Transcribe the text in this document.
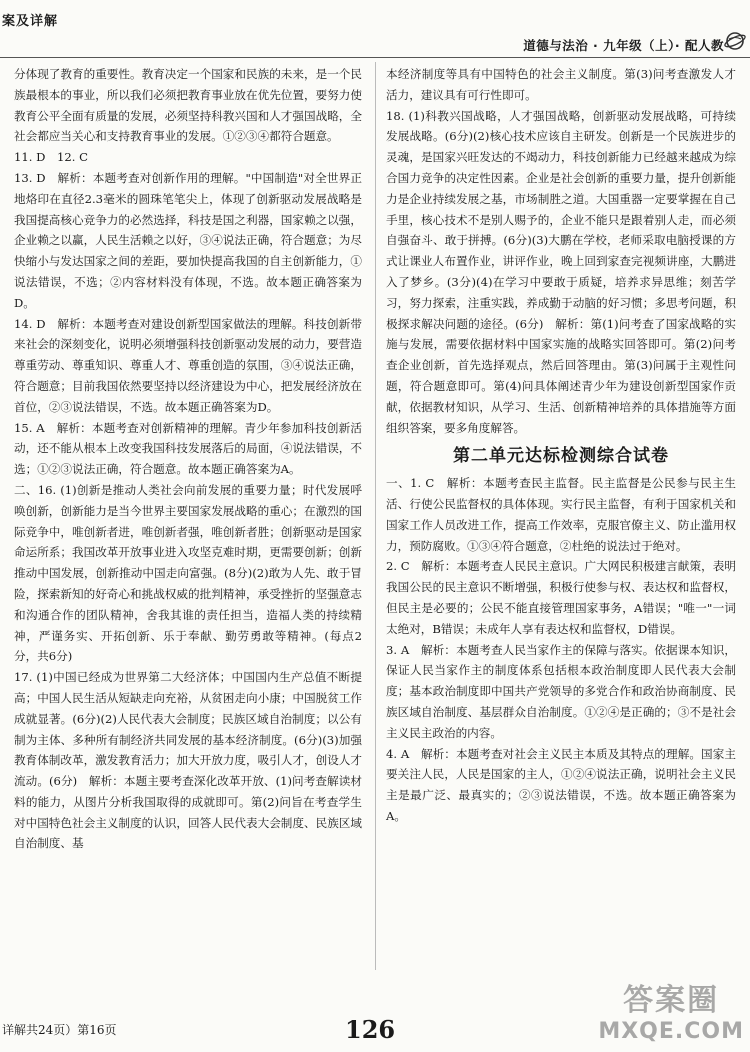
案及详解
道德与法治 · 九年级（上）· 配人教

分体现了教育的重要性。教育决定一个国家和民族的未来，是一个民族最根本的事业，所以我们必须把教育事业放在优先位置，要努力使教育公平全面有质量的发展，必须坚持科教兴国和人才强国战略，全社会都应当关心和支持教育事业的发展。①②③④都符合题意。

11. D　12. C

13. D　解析：本题考查对创新作用的理解。"中国制造"对全世界正地烙印在直径2.3毫米的圆珠笔笔尖上，体现了创新驱动发展战略是我国提高核心竞争力的必然选择，科技是国之利器，国家赖之以强，企业赖之以赢，人民生活赖之以好，③④说法正确，符合题意；为尽快缩小与发达国家之间的差距，要加快提高我国的自主创新能力，①说法错误，不选；②内容材料没有体现，不选。故本题正确答案为D。

14. D　解析：本题考查对建设创新型国家做法的理解。科技创新带来社会的深刻变化，说明必须增强科技创新驱动发展的动力，要营造尊重劳动、尊重知识、尊重人才、尊重创造的氛围，③④说法正确，符合题意；目前我国依然要坚持以经济建设为中心，把发展经济放在首位，②③说法错误，不选。故本题正确答案为D。

15. A　解析：本题考查对创新精神的理解。青少年参加科技创新活动，还不能从根本上改变我国科技发展落后的局面，④说法错误，不选；①②③说法正确，符合题意。故本题正确答案为A。

二、16. (1)创新是推动人类社会向前发展的重要力量；时代发展呼唤创新，创新能力是当今世界主要国家发展战略的重心；在激烈的国际竞争中，唯创新者进，唯创新者强，唯创新者胜；创新驱动是国家命运所系；我国改革开放事业进入攻坚克难时期，更需要创新；创新推动中国发展，创新推动中国走向富强。(8分)(2)敢为人先、敢于冒险，探索新知的好奇心和挑战权威的批判精神，承受挫折的坚强意志和沟通合作的团队精神，舍我其谁的责任担当，造福人类的持续精神，严谨务实、开拓创新、乐于奉献、勤劳勇敢等精神。(每点2分，共6分)

17. (1)中国已经成为世界第二大经济体；中国国内生产总值不断提高；中国人民生活从短缺走向充裕，从贫困走向小康；中国脱贫工作成就显著。(6分)(2)人民代表大会制度；民族区域自治制度；以公有制为主体、多种所有制经济共同发展的基本经济制度。(6分)(3)加强教育体制改革，激发教育活力；加大开放力度，吸引人才，创设人才流动。(6分)　解析：本题主要考查深化改革开放、(1)问考查解读材料的能力，从图片分析我国取得的成就即可。第(2)问旨在考查学生对中国特色社会主义制度的认识，回答人民代表大会制度、民族区域自治制度、基

本经济制度等具有中国特色的社会主义制度。第(3)问考查激发人才活力，建议具有可行性即可。

18. (1)科教兴国战略，人才强国战略，创新驱动发展战略，可持续发展战略。(6分)(2)核心技术应该自主研发。创新是一个民族进步的灵魂，是国家兴旺发达的不竭动力，科技创新能力已经越来越成为综合国力竞争的决定性因素。企业是社会创新的重要力量，提升创新能力是企业持续发展之基，市场制胜之道。大国重器一定要掌握在自己手里，核心技术不是别人赐予的，企业不能只是跟着别人走，而必须自强奋斗、敢于拼搏。(6分)(3)大鹏在学校，老师采取电脑授课的方式让课业人布置作业，讲评作业，晚上回到家查完视频讲座，大鹏进入了梦乡。(3分)(4)在学习中要敢于质疑，培养求异思维；刻苦学习，努力探索，注重实践，养成勤于动脑的好习惯；多思考问题，积极探求解决问题的途径。(6分)　解析：第(1)问考查了国家战略的实施与发展，需要依据材料中国家实施的战略实回答即可。第(2)问考查企业创新，首先选择观点，然后回答理由。第(3)问属于主观性问题，符合题意即可。第(4)问具体阐述青少年为建设创新型国家作贡献，依据教材知识，从学习、生活、创新精神培养的具体措施等方面组织答案，要多角度解答。

第二单元达标检测综合试卷

一、1. C　解析：本题考查民主监督。民主监督是公民参与民主生活、行使公民监督权的具体体现。实行民主监督，有利于国家机关和国家工作人员改进工作，提高工作效率，克服官僚主义、防止滥用权力，预防腐败。①③④符合题意，②杜绝的说法过于绝对。

2. C　解析：本题考查人民民主意识。广大网民积极建言献策，表明我国公民的民主意识不断增强，积极行使参与权、表达权和监督权，但民主是必要的；公民不能直接管理国家事务，A错误；"唯一"一词太绝对，B错误；未成年人享有表达权和监督权，D错误。

3. A　解析：本题考查人民当家作主的保障与落实。依据课本知识，保证人民当家作主的制度体系包括根本政治制度即人民代表大会制度；基本政治制度即中国共产党领导的多党合作和政治协商制度、民族区域自治制度、基层群众自治制度。①②④是正确的；③不是社会主义民主政治的内容。

4. A　解析：本题考查对社会主义民主本质及其特点的理解。国家主要关注人民，人民是国家的主人，①②④说法正确，说明社会主义民主是最广泛、最真实的；②③说法错误，不选。故本题正确答案为A。

详解共24页）第16页	126
答案圈
MXQE.COM
